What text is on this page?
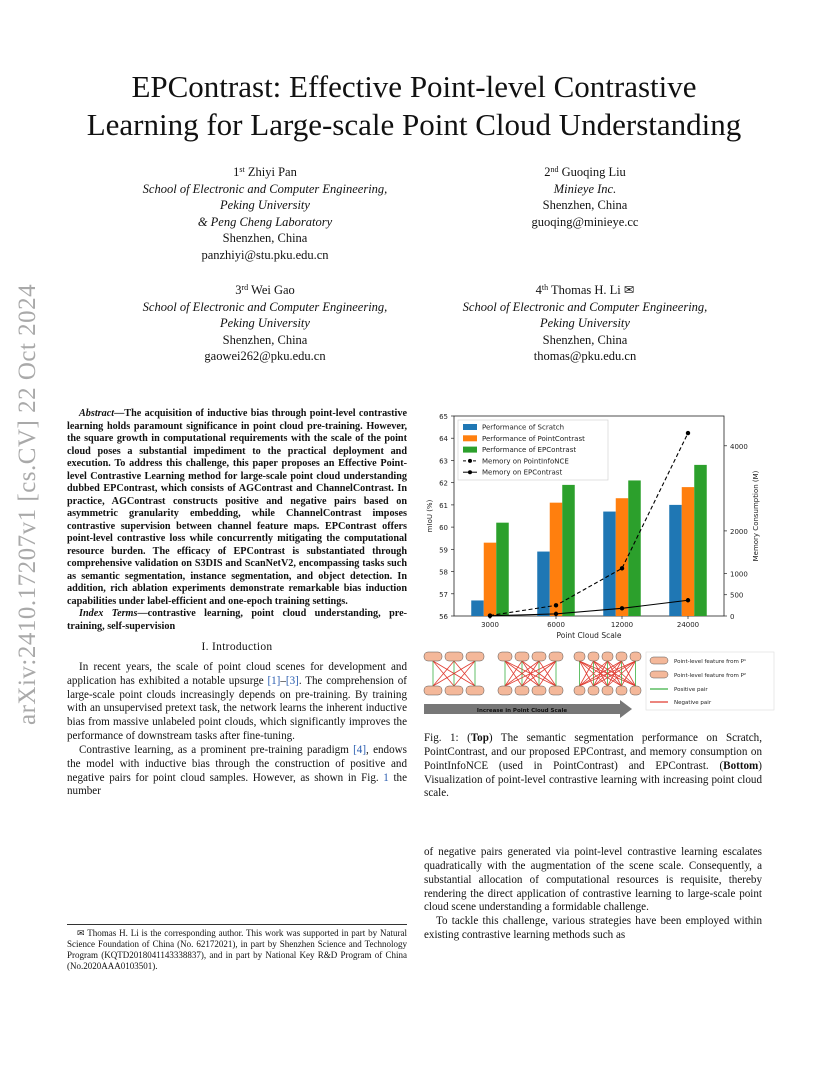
arXiv:2410.17207v1 [cs.CV] 22 Oct 2024
EPContrast: Effective Point-level Contrastive
Learning for Large-scale Point Cloud Understanding
1st Zhiyi Pan
School of Electronic and Computer Engineering,
Peking University
& Peng Cheng Laboratory
Shenzhen, China
panzhiyi@stu.pku.edu.cn
2nd Guoqing Liu
Minieye Inc.
Shenzhen, China
guoqing@minieye.cc
3rd Wei Gao
School of Electronic and Computer Engineering,
Peking University
Shenzhen, China
gaowei262@pku.edu.cn
4th Thomas H. Li ✉
School of Electronic and Computer Engineering,
Peking University
Shenzhen, China
thomas@pku.edu.cn

Abstract—The acquisition of inductive bias through point-level contrastive learning holds paramount significance in point cloud pre-training. However, the square growth in computational requirements with the scale of the point cloud poses a substantial impediment to the practical deployment and execution. To address this challenge, this paper proposes an Effective Point-level Contrastive Learning method for large-scale point cloud understanding dubbed EPContrast, which consists of AGContrast and ChannelContrast. In practice, AGContrast constructs positive and negative pairs based on asymmetric granularity embedding, while ChannelContrast imposes contrastive supervision between channel feature maps. EPContrast offers point-level contrastive loss while concurrently mitigating the computational resource burden. The efficacy of EPContrast is substantiated through comprehensive validation on S3DIS and ScanNetV2, encompassing tasks such as semantic segmentation, instance segmentation, and object detection. In addition, rich ablation experiments demonstrate remarkable bias induction capabilities under label-efficient and one-epoch training settings.

Index Terms—contrastive learning, point cloud understanding, pre-training, self-supervision

I. Introduction

In recent years, the scale of point cloud scenes for development and application has exhibited a notable upsurge [1]–[3]. The comprehension of large-scale point clouds increasingly depends on pre-training. By training with an unsupervised pretext task, the network learns the inherent inductive bias from massive unlabeled point clouds, which significantly improves the performance of downstream tasks after fine-tuning.

Contrastive learning, as a prominent pre-training paradigm [4], endows the model with inductive bias through the construction of positive and negative pairs for point cloud samples. However, as shown in Fig. 1 the number

✉ Thomas H. Li is the corresponding author. This work was supported in part by Natural Science Foundation of China (No. 62172021), in part by Shenzhen Science and Technology Program (KQTD2018041143338837), and in part by National Key R&D Program of China (No.2020AAA0103501).
56
57
58
59
60
61
62
63
64
65
0
500
1000
2000
4000
3000	6000	12000	24000
Point Cloud Scale
mIoU (%)	Memory Consumption (M)
Performance of Scratch
Performance of PointContrast
Performance of EPContrast
Memory on PointInfoNCE
Memory on EPContrast
Increase in Point Cloud Scale
Point-level feature from P¹
Point-level feature from P²
Positive pair
Negative pair
Fig. 1: (Top) The semantic segmentation performance on Scratch, PointContrast, and our proposed EPContrast, and memory consumption on PointInfoNCE (used in PointContrast) and EPContrast. (Bottom) Visualization of point-level contrastive learning with increasing point cloud scale.

of negative pairs generated via point-level contrastive learning escalates quadratically with the augmentation of the scene scale. Consequently, a substantial allocation of computational resources is requisite, thereby rendering the direct application of contrastive learning to large-scale point cloud scene understanding a formidable challenge.

To tackle this challenge, various strategies have been employed within existing contrastive learning methods such as
